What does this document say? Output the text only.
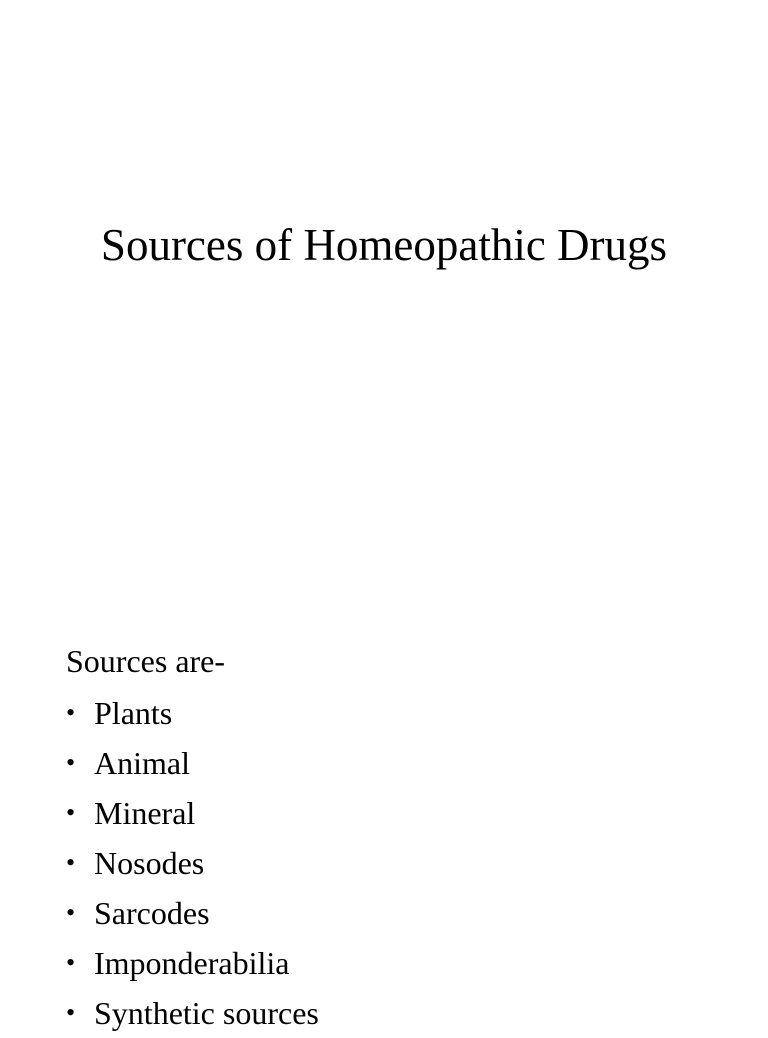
Sources of Homeopathic Drugs

Sources are-

• Plants
• Animal
• Mineral
• Nosodes
• Sarcodes
• Imponderabilia
• Synthetic sources
